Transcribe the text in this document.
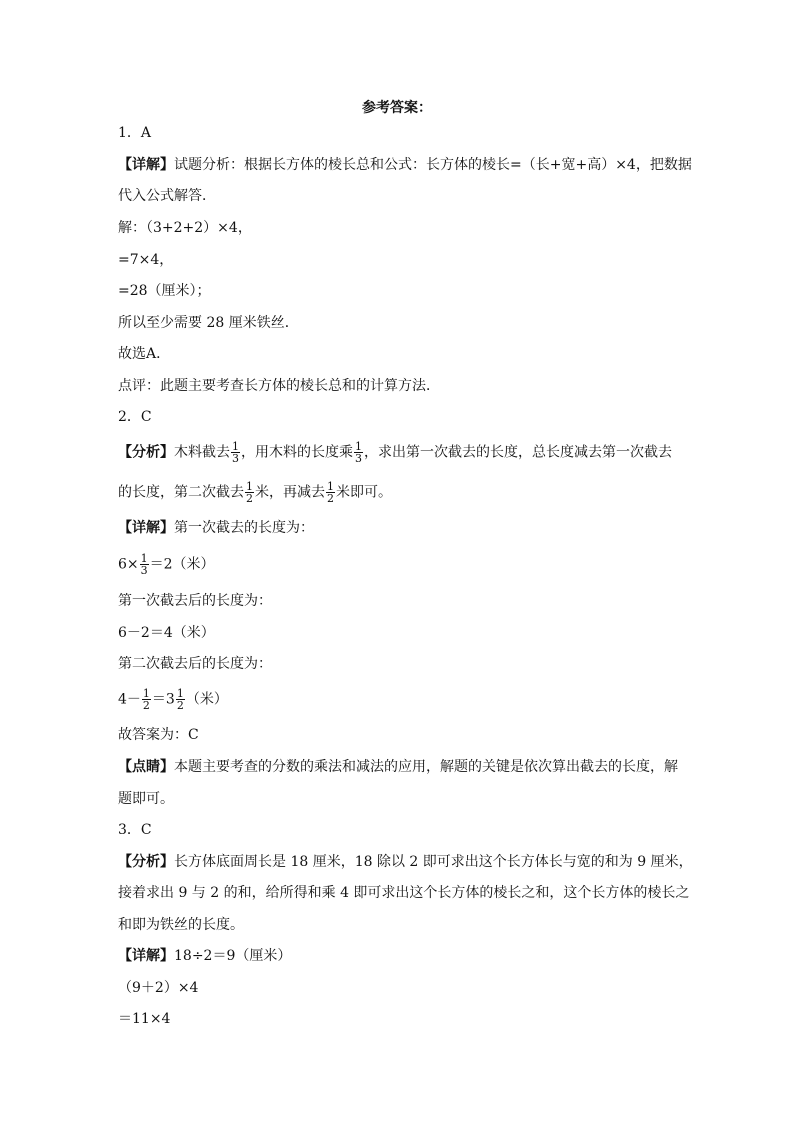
参考答案：
1．A
【详解】试题分析：根据长方体的棱长总和公式：长方体的棱长=（长+宽+高）×4，把数据
代入公式解答．
解：（3+2+2）×4，
=7×4，
=28（厘米）；
所以至少需要 28 厘米铁丝．
故选A．
点评：此题主要考查长方体的棱长总和的计算方法．
2．C
【分析】木料截去 $\frac{1}{3}$ ，用木料的长度乘 $\frac{1}{3}$ ，求出第一次截去的长度，总长度减去第一次截去
的长度，第二次截去 $\frac{1}{2}$ 米，再减去 $\frac{1}{2}$ 米即可。
【详解】第一次截去的长度为：
$6\times \frac{1}{3} =2$（米）
第一次截去后的长度为：
6－2＝4（米）
第二次截去后的长度为：
$4- \frac{1}{2} =3 \frac{1}{2}$ （米）
故答案为：C
【点睛】本题主要考查的分数的乘法和减法的应用，解题的关键是依次算出截去的长度，解
题即可。
3．C
【分析】长方体底面周长是 18 厘米，18 除以 2 即可求出这个长方体长与宽的和为 9 厘米，
接着求出 9 与 2 的和，给所得和乘 4 即可求出这个长方体的棱长之和，这个长方体的棱长之
和即为铁丝的长度。
【详解】18÷2＝9（厘米）
（9＋2）×4
＝11×4
